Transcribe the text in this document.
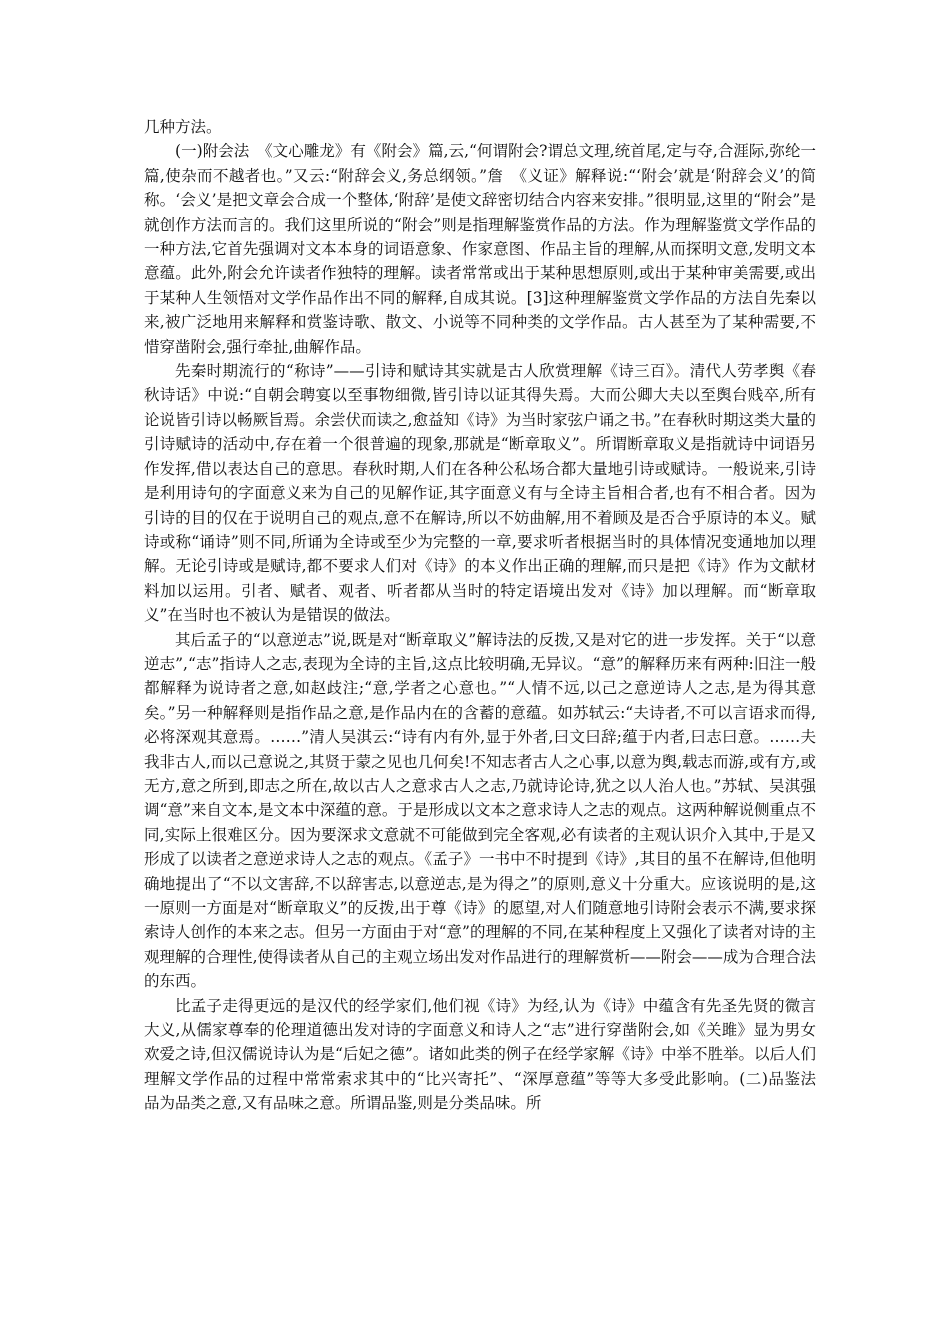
几种方法。

(一)附会法　《文心雕龙》有《附会》篇,云,“何谓附会?谓总文理,统首尾,定与夺,合涯际,弥纶一篇,使杂而不越者也。”又云:“附辞会义,务总纲领。”詹　《义证》解释说:“‘附会’就是‘附辞会义’的简称。‘会义’是把文章会合成一个整体,‘附辞’是使文辞密切结合内容来安排。”很明显,这里的“附会”是就创作方法而言的。我们这里所说的“附会”则是指理解鉴赏作品的方法。作为理解鉴赏文学作品的一种方法,它首先强调对文本本身的词语意象、作家意图、作品主旨的理解,从而探明文意,发明文本意蕴。此外,附会允许读者作独特的理解。读者常常或出于某种思想原则,或出于某种审美需要,或出于某种人生领悟对文学作品作出不同的解释,自成其说。[3]这种理解鉴赏文学作品的方法自先秦以来,被广泛地用来解释和赏鉴诗歌、散文、小说等不同种类的文学作品。古人甚至为了某种需要,不惜穿凿附会,强行牵扯,曲解作品。

先秦时期流行的“称诗”——引诗和赋诗其实就是古人欣赏理解《诗三百》。清代人劳孝舆《春秋诗话》中说:“自朝会聘宴以至事物细微,皆引诗以证其得失焉。大而公卿大夫以至舆台贱卒,所有论说皆引诗以畅厥旨焉。余尝伏而读之,愈益知《诗》为当时家弦户诵之书。”在春秋时期这类大量的引诗赋诗的活动中,存在着一个很普遍的现象,那就是“断章取义”。所谓断章取义是指就诗中词语另作发挥,借以表达自己的意思。春秋时期,人们在各种公私场合都大量地引诗或赋诗。一般说来,引诗是利用诗句的字面意义来为自己的见解作证,其字面意义有与全诗主旨相合者,也有不相合者。因为引诗的目的仅在于说明自己的观点,意不在解诗,所以不妨曲解,用不着顾及是否合乎原诗的本义。赋诗或称“诵诗”则不同,所诵为全诗或至少为完整的一章,要求听者根据当时的具体情况变通地加以理解。无论引诗或是赋诗,都不要求人们对《诗》的本义作出正确的理解,而只是把《诗》作为文献材料加以运用。引者、赋者、观者、听者都从当时的特定语境出发对《诗》加以理解。而“断章取义”在当时也不被认为是错误的做法。

其后孟子的“以意逆志”说,既是对“断章取义”解诗法的反拨,又是对它的进一步发挥。关于“以意逆志”,“志”指诗人之志,表现为全诗的主旨,这点比较明确,无异议。“意”的解释历来有两种:旧注一般都解释为说诗者之意,如赵歧注;“意,学者之心意也。”“人情不远,以己之意逆诗人之志,是为得其意矣。”另一种解释则是指作品之意,是作品内在的含蓄的意蕴。如苏轼云:“夫诗者,不可以言语求而得,必将深观其意焉。……”清人吴淇云:“诗有内有外,显于外者,曰文曰辞;蕴于内者,曰志曰意。……夫我非古人,而以己意说之,其贤于蒙之见也几何矣!不知志者古人之心事,以意为舆,载志而游,或有方,或无方,意之所到,即志之所在,故以古人之意求古人之志,乃就诗论诗,犹之以人治人也。”苏轼、吴淇强调“意”来自文本,是文本中深蕴的意。于是形成以文本之意求诗人之志的观点。这两种解说侧重点不同,实际上很难区分。因为要深求文意就不可能做到完全客观,必有读者的主观认识介入其中,于是又形成了以读者之意逆求诗人之志的观点。《孟子》一书中不时提到《诗》,其目的虽不在解诗,但他明确地提出了“不以文害辞,不以辞害志,以意逆志,是为得之”的原则,意义十分重大。应该说明的是,这一原则一方面是对“断章取义”的反拨,出于尊《诗》的愿望,对人们随意地引诗附会表示不满,要求探索诗人创作的本来之志。但另一方面由于对“意”的理解的不同,在某种程度上又强化了读者对诗的主观理解的合理性,使得读者从自己的主观立场出发对作品进行的理解赏析——附会——成为合理合法的东西。

比孟子走得更远的是汉代的经学家们,他们视《诗》为经,认为《诗》中蕴含有先圣先贤的微言大义,从儒家尊奉的伦理道德出发对诗的字面意义和诗人之“志”进行穿凿附会,如《关雎》显为男女欢爱之诗,但汉儒说诗认为是“后妃之德”。诸如此类的例子在经学家解《诗》中举不胜举。以后人们理解文学作品的过程中常常索求其中的“比兴寄托”、“深厚意蕴”等等大多受此影响。(二)品鉴法　品为品类之意,又有品味之意。所谓品鉴,则是分类品味。所
